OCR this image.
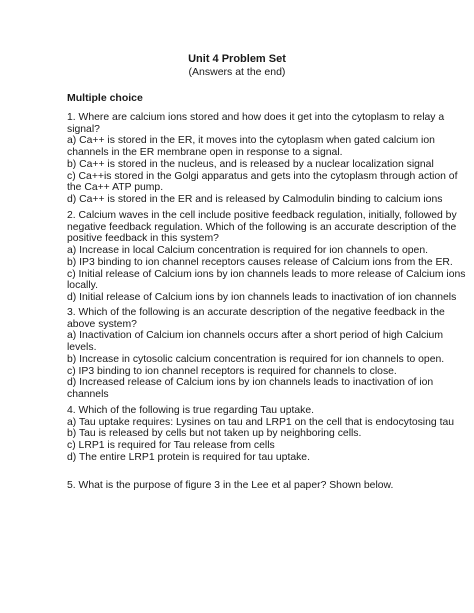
Unit 4 Problem Set
(Answers at the end)
Multiple choice
1. Where are calcium ions stored and how does it get into the cytoplasm to relay a
signal?
a) Ca++ is stored in the ER, it moves into the cytoplasm when gated calcium ion
channels in the ER membrane open in response to a signal.
b) Ca++ is stored in the nucleus, and is released by a nuclear localization signal
c) Ca++is stored in the Golgi apparatus and gets into the cytoplasm through action of
the Ca++ ATP pump.
d) Ca++ is stored in the ER and is released by Calmodulin binding to calcium ions
2. Calcium waves in the cell include positive feedback regulation, initially, followed by
negative feedback regulation. Which of the following is an accurate description of the
positive feedback in this system?
a) Increase in local Calcium concentration is required for ion channels to open.
b) IP3 binding to ion channel receptors causes release of Calcium ions from the ER.
c) Initial release of Calcium ions by ion channels leads to more release of Calcium ions
locally.
d) Initial release of Calcium ions by ion channels leads to inactivation of ion channels
3. Which of the following is an accurate description of the negative feedback in the
above system?
a) Inactivation of Calcium ion channels occurs after a short period of high Calcium
levels.
b) Increase in cytosolic calcium concentration is required for ion channels to open.
c) IP3 binding to ion channel receptors is required for channels to close.
d) Increased release of Calcium ions by ion channels leads to inactivation of ion
channels
4. Which of the following is true regarding Tau uptake.
a) Tau uptake requires: Lysines on tau and LRP1 on the cell that is endocytosing tau
b) Tau is released by cells but not taken up by neighboring cells.
c) LRP1 is required for Tau release from cells
d) The entire LRP1 protein is required for tau uptake.
5. What is the purpose of figure 3 in the Lee et al paper? Shown below.
